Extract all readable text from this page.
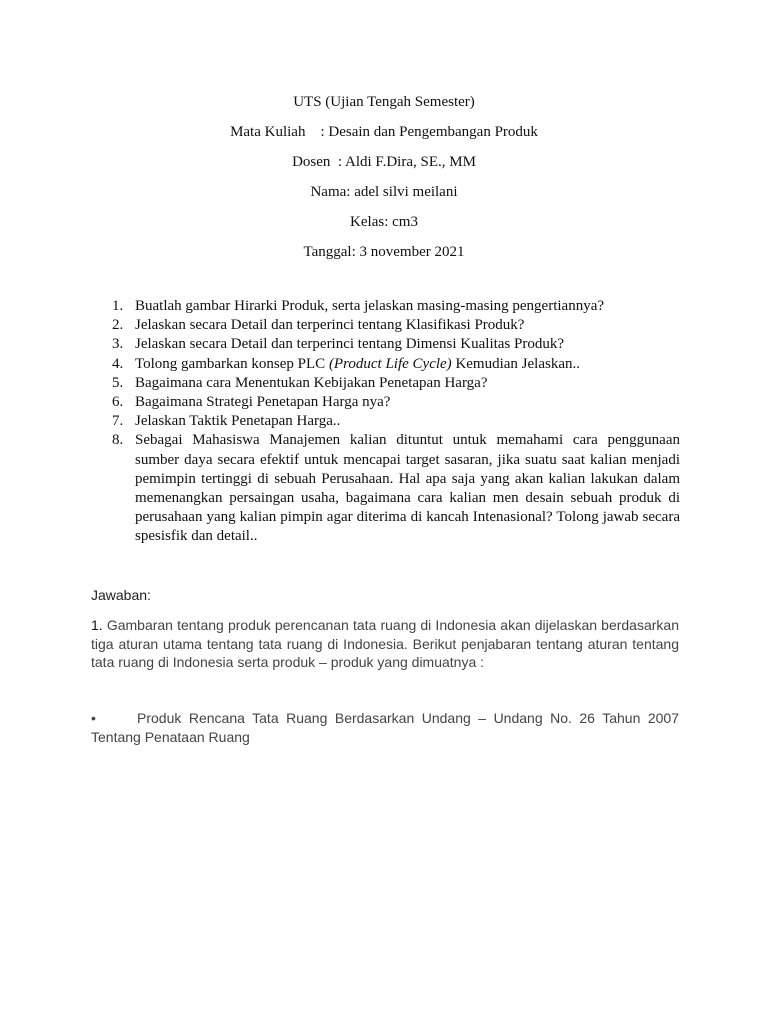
UTS (Ujian Tengah Semester)
Mata Kuliah    : Desain dan Pengembangan Produk
Dosen  : Aldi F.Dira, SE., MM
Nama: adel silvi meilani
Kelas: cm3
Tanggal: 3 november 2021
1. Buatlah gambar Hirarki Produk, serta jelaskan masing-masing pengertiannya?
2. Jelaskan secara Detail dan terperinci tentang Klasifikasi Produk?
3. Jelaskan secara Detail dan terperinci tentang Dimensi Kualitas Produk?
4. Tolong gambarkan konsep PLC (Product Life Cycle) Kemudian Jelaskan..
5. Bagaimana cara Menentukan Kebijakan Penetapan Harga?
6. Bagaimana Strategi Penetapan Harga nya?
7. Jelaskan Taktik Penetapan Harga..
8. Sebagai Mahasiswa Manajemen kalian dituntut untuk memahami cara penggunaan sumber daya secara efektif untuk mencapai target sasaran, jika suatu saat kalian menjadi pemimpin tertinggi di sebuah Perusahaan. Hal apa saja yang akan kalian lakukan dalam memenangkan persaingan usaha, bagaimana cara kalian men desain sebuah produk di perusahaan yang kalian pimpin agar diterima di kancah Intenasional? Tolong jawab secara spesisfik dan detail..
Jawaban:
1. Gambaran tentang produk perencanan tata ruang di Indonesia akan dijelaskan berdasarkan tiga aturan utama tentang tata ruang di Indonesia. Berikut penjabaran tentang aturan tentang tata ruang di Indonesia serta produk – produk yang dimuatnya :
•	Produk Rencana Tata Ruang Berdasarkan Undang – Undang No. 26 Tahun 2007 Tentang Penataan Ruang
